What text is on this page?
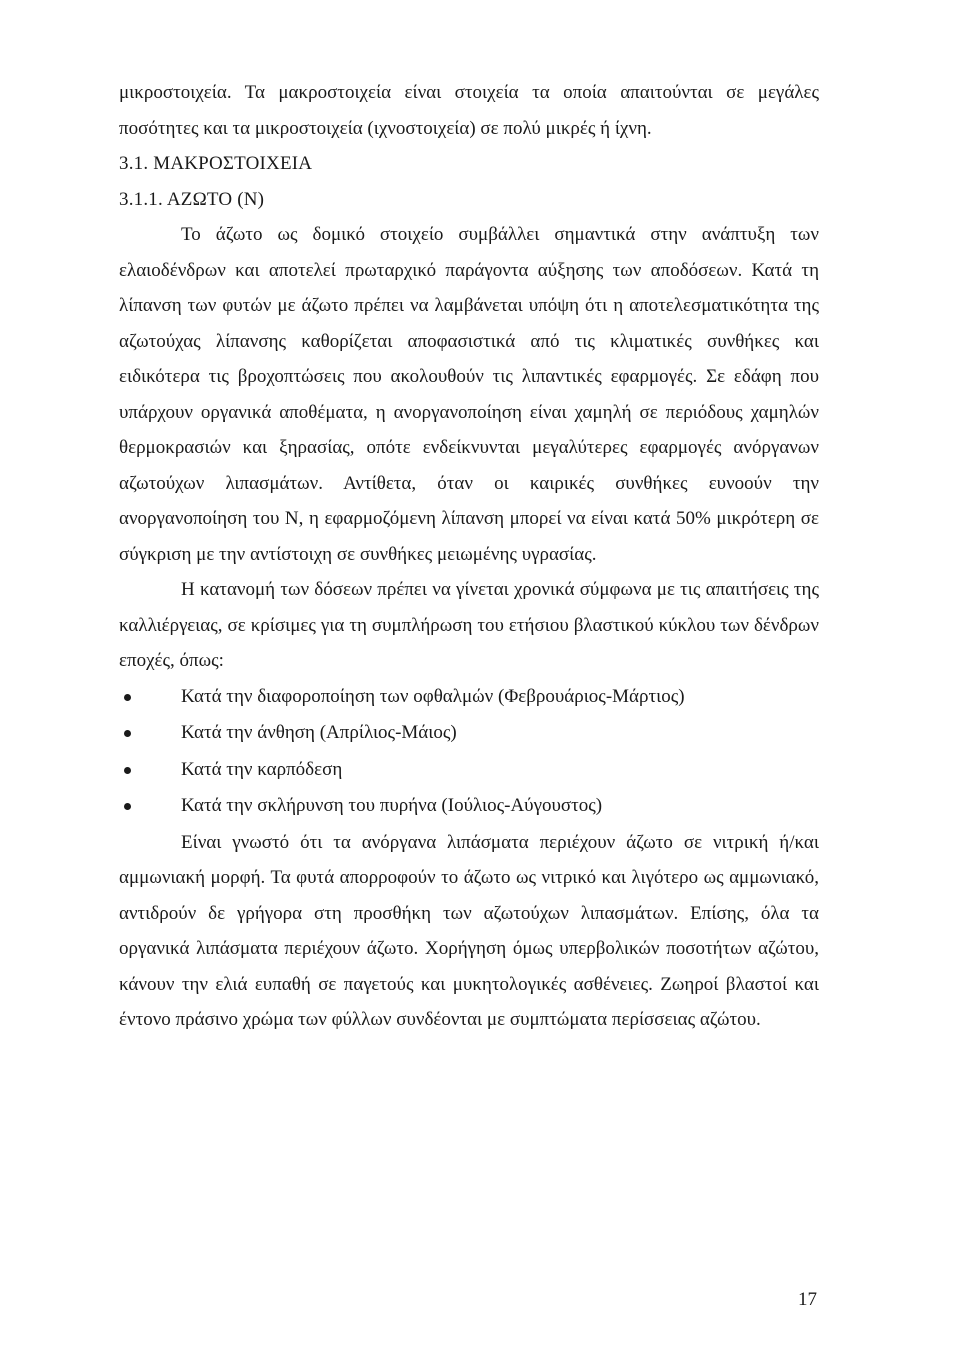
μικροστοιχεία. Τα μακροστοιχεία είναι στοιχεία τα οποία απαιτούνται σε μεγάλες ποσότητες και τα μικροστοιχεία (ιχνοστοιχεία) σε πολύ μικρές ή ίχνη.

3.1. ΜΑΚΡΟΣΤΟΙΧΕΙΑ

3.1.1. ΑΖΩΤΟ (Ν)

Το άζωτο ως δομικό στοιχείο συμβάλλει σημαντικά στην ανάπτυξη των ελαιοδένδρων και αποτελεί πρωταρχικό παράγοντα αύξησης των αποδόσεων. Κατά τη λίπανση των φυτών με άζωτο πρέπει να λαμβάνεται υπόψη ότι η αποτελεσματικότητα της αζωτούχας λίπανσης καθορίζεται αποφασιστικά από τις κλιματικές συνθήκες και ειδικότερα τις βροχοπτώσεις που ακολουθούν τις λιπαντικές εφαρμογές. Σε εδάφη που υπάρχουν οργανικά αποθέματα, η ανοργανοποίηση είναι χαμηλή σε περιόδους χαμηλών θερμοκρασιών και ξηρασίας, οπότε ενδείκνυνται μεγαλύτερες εφαρμογές ανόργανων αζωτούχων λιπασμάτων. Αντίθετα, όταν οι καιρικές συνθήκες ευνοούν την ανοργανοποίηση του Ν, η εφαρμοζόμενη λίπανση μπορεί να είναι κατά 50% μικρότερη σε σύγκριση με την αντίστοιχη σε συνθήκες μειωμένης υγρασίας.

Η κατανομή των δόσεων πρέπει να γίνεται χρονικά σύμφωνα με τις απαιτήσεις της καλλιέργειας, σε κρίσιμες για τη συμπλήρωση του ετήσιου βλαστικού κύκλου των δένδρων εποχές, όπως:

Κατά την διαφοροποίηση των οφθαλμών (Φεβρουάριος-Μάρτιος)
Κατά την άνθηση (Απρίλιος-Μάιος)
Κατά την καρπόδεση
Κατά την σκλήρυνση του πυρήνα (Ιούλιος-Αύγουστος)

Είναι γνωστό ότι τα ανόργανα λιπάσματα περιέχουν άζωτο σε νιτρική ή/και αμμωνιακή μορφή. Τα φυτά απορροφούν το άζωτο ως νιτρικό και λιγότερο ως αμμωνιακό, αντιδρούν δε γρήγορα στη προσθήκη των αζωτούχων λιπασμάτων. Επίσης, όλα τα οργανικά λιπάσματα περιέχουν άζωτο. Χορήγηση όμως υπερβολικών ποσοτήτων αζώτου, κάνουν την ελιά ευπαθή σε παγετούς και μυκητολογικές ασθένειες. Ζωηροί βλαστοί και έντονο πράσινο χρώμα των φύλλων συνδέονται με συμπτώματα περίσσειας αζώτου.

17
